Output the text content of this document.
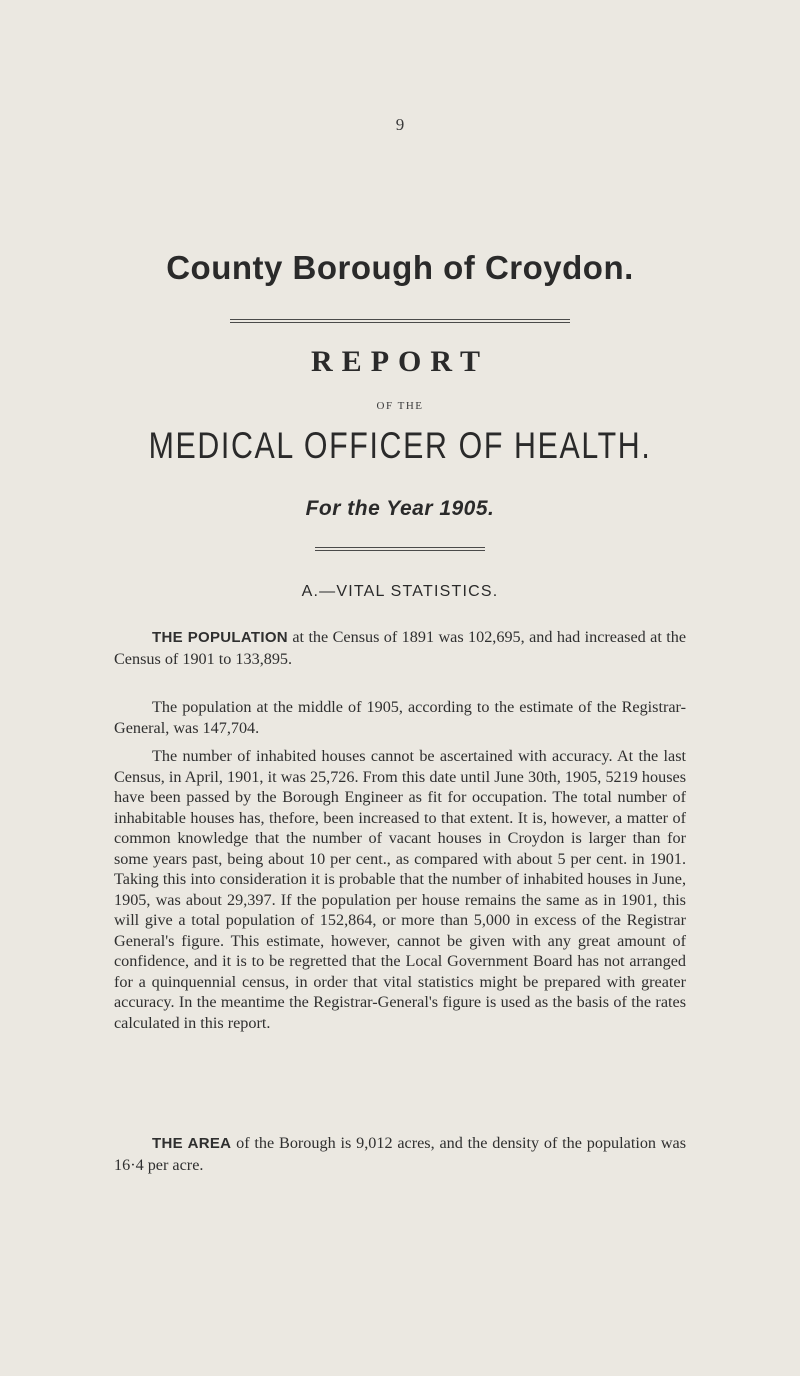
9
County Borough of Croydon.
REPORT
OF THE
MEDICAL OFFICER OF HEALTH.
For the Year 1905.
A.—VITAL STATISTICS.

THE POPULATION at the Census of 1891 was 102,695, and had increased at the Census of 1901 to 133,895.

The population at the middle of 1905, according to the estimate of the Registrar-General, was 147,704.

The number of inhabited houses cannot be ascertained with accuracy. At the last Census, in April, 1901, it was 25,726. From this date until June 30th, 1905, 5219 houses have been passed by the Borough Engineer as fit for occupation. The total number of inhabitable houses has, thefore, been increased to that extent. It is, however, a matter of common knowledge that the number of vacant houses in Croydon is larger than for some years past, being about 10 per cent., as compared with about 5 per cent. in 1901. Taking this into consideration it is probable that the number of inhabited houses in June, 1905, was about 29,397. If the population per house remains the same as in 1901, this will give a total population of 152,864, or more than 5,000 in excess of the Registrar General's figure. This estimate, however, cannot be given with any great amount of confidence, and it is to be regretted that the Local Government Board has not arranged for a quinquennial census, in order that vital statistics might be prepared with greater accuracy. In the meantime the Registrar-General's figure is used as the basis of the rates calculated in this report.

THE AREA of the Borough is 9,012 acres, and the density of the population was 16·4 per acre.
